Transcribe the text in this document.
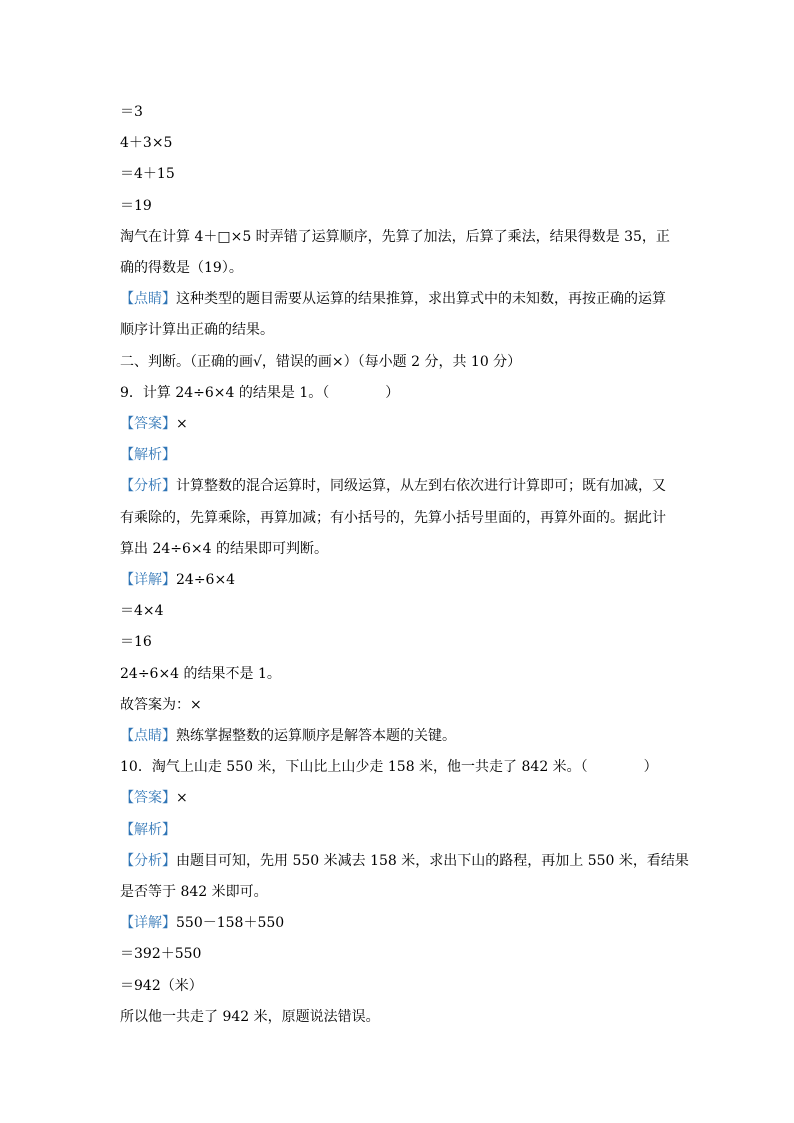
＝3
4＋3×5
＝4＋15
＝19
淘气在计算 4＋□×5 时弄错了运算顺序，先算了加法，后算了乘法，结果得数是 35，正
确的得数是（19）。
【点睛】这种类型的题目需要从运算的结果推算，求出算式中的未知数，再按正确的运算
顺序计算出正确的结果。
二、判断。（正确的画√，错误的画×）（每小题 2 分，共 10 分）
9．计算 24÷6×4 的结果是 1。（　　　　）
【答案】×
【解析】
【分析】计算整数的混合运算时，同级运算，从左到右依次进行计算即可；既有加减，又
有乘除的，先算乘除，再算加减；有小括号的，先算小括号里面的，再算外面的。据此计
算出 24÷6×4 的结果即可判断。
【详解】24÷6×4
＝4×4
＝16
24÷6×4 的结果不是 1。
故答案为：×
【点睛】熟练掌握整数的运算顺序是解答本题的关键。
10．淘气上山走 550 米，下山比上山少走 158 米，他一共走了 842 米。（　　　　）
【答案】×
【解析】
【分析】由题目可知，先用 550 米减去 158 米，求出下山的路程，再加上 550 米，看结果
是否等于 842 米即可。
【详解】550－158＋550
＝392＋550
＝942（米）
所以他一共走了 942 米，原题说法错误。
